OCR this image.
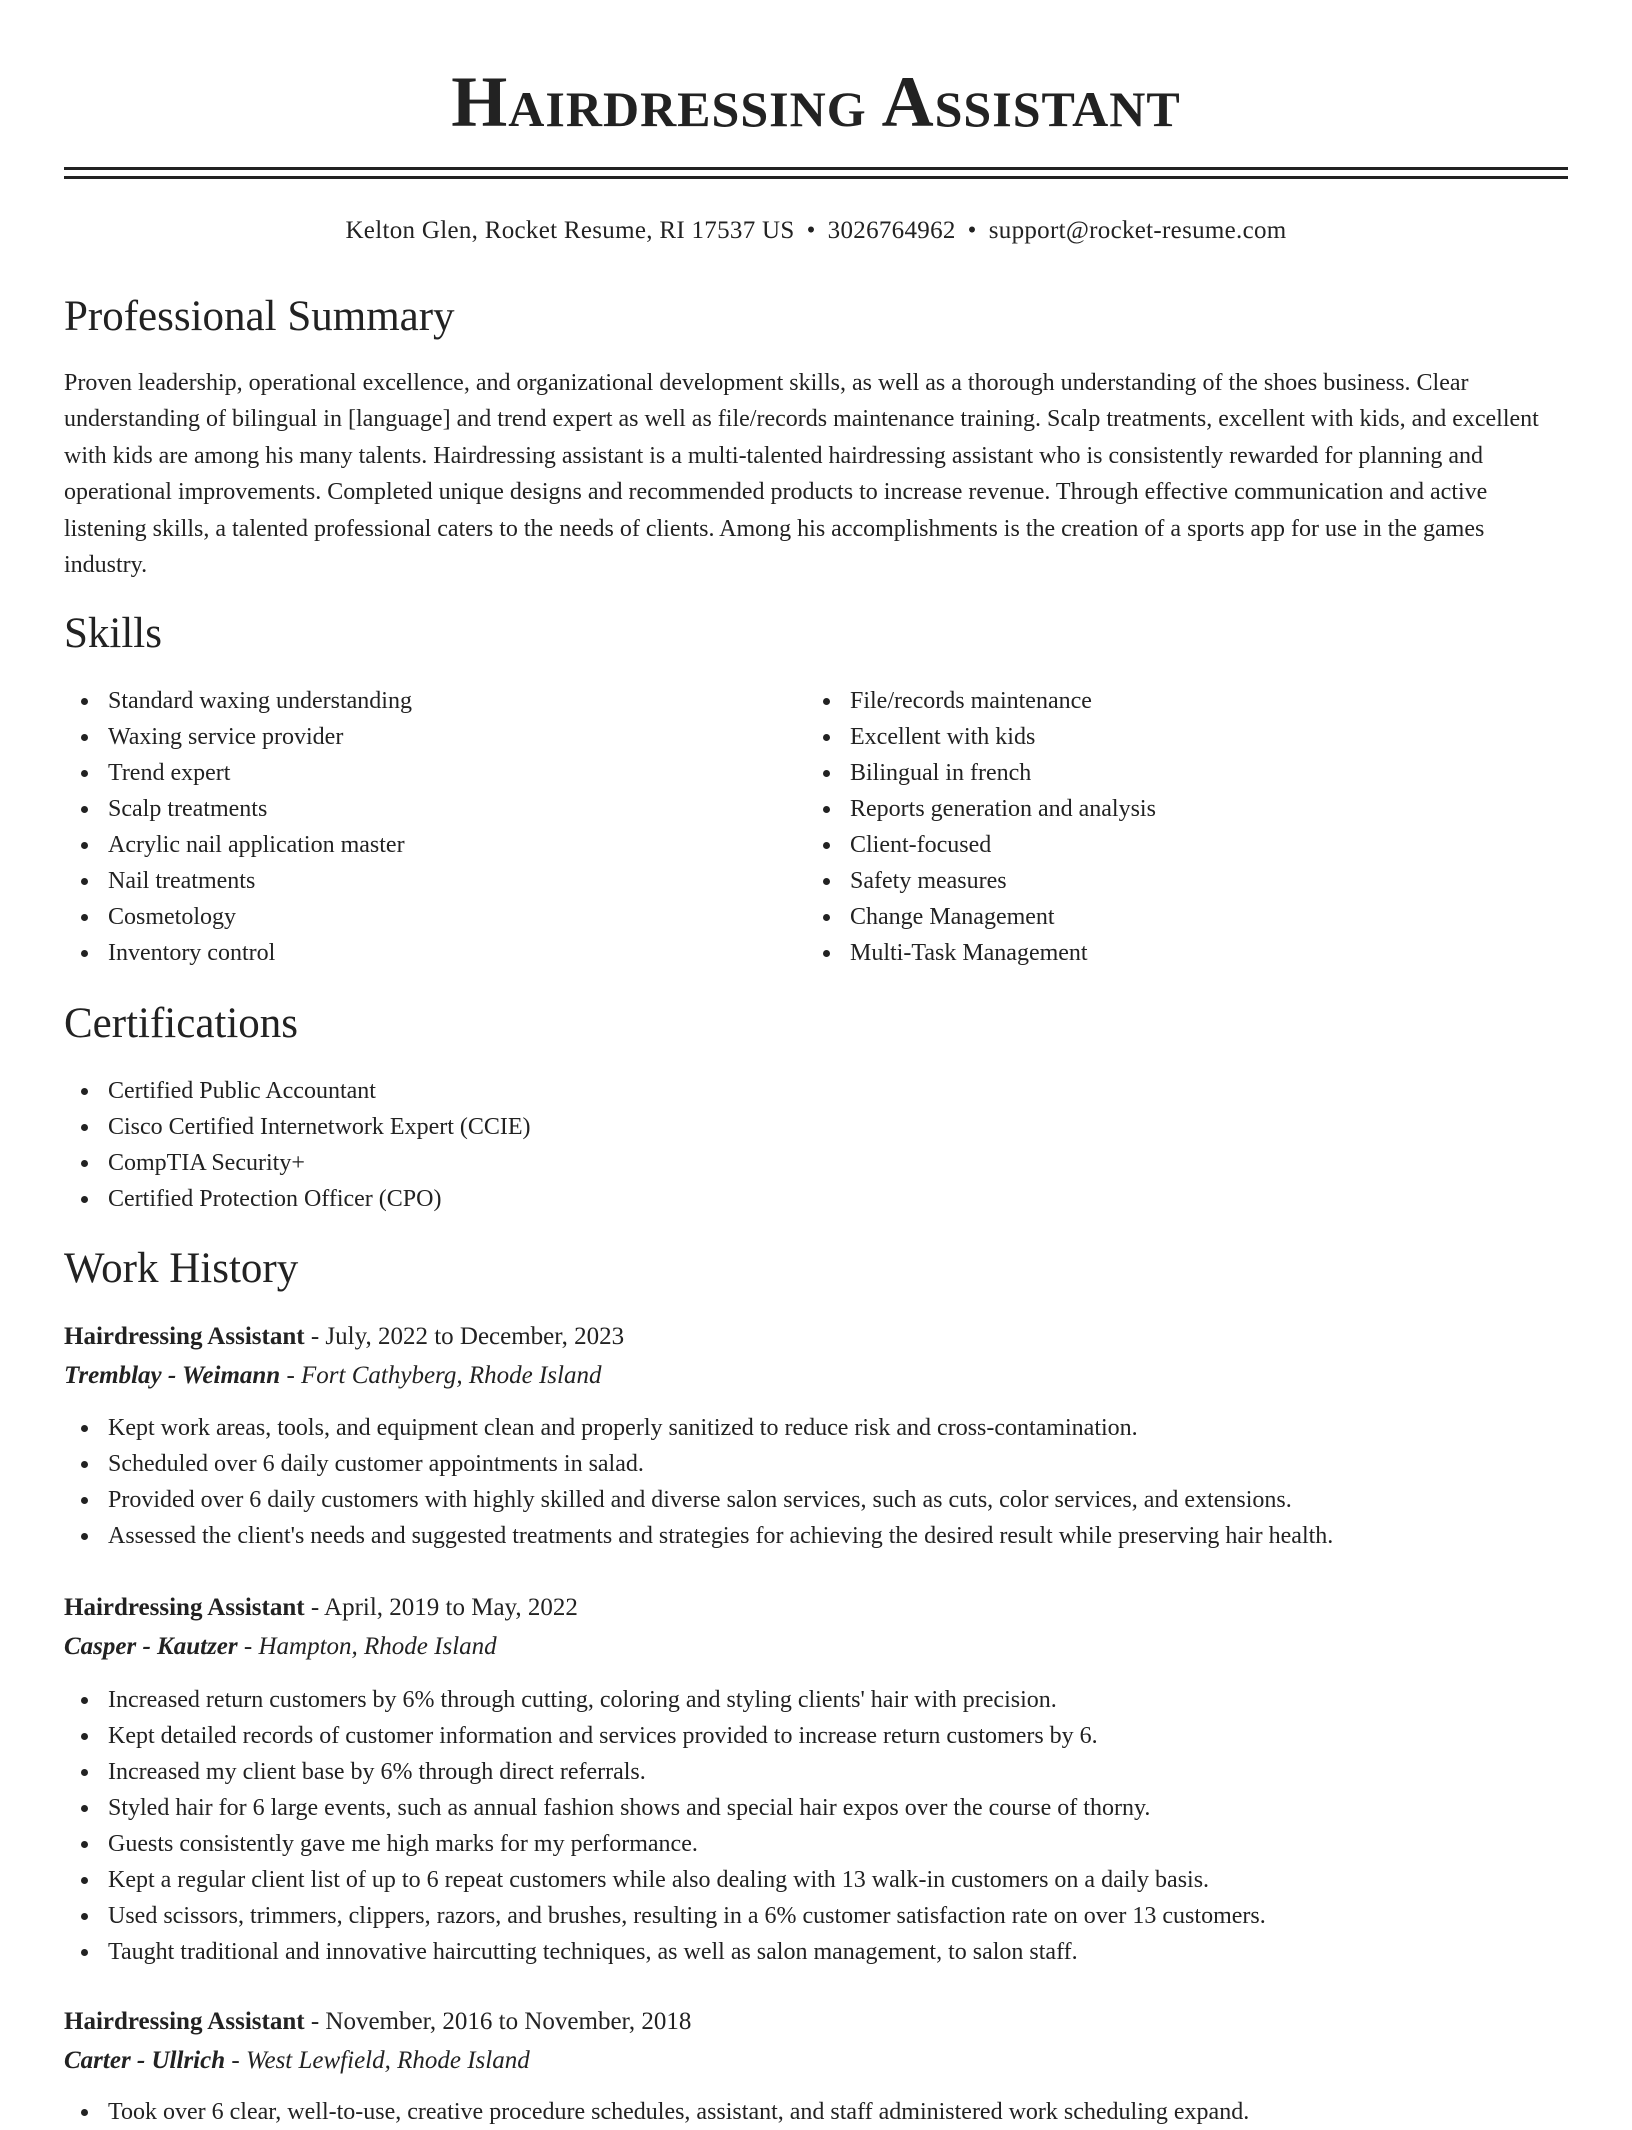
Hairdressing Assistant
Kelton Glen, Rocket Resume, RI 17537 US • 3026764962 • support@rocket-resume.com
Professional Summary

Proven leadership, operational excellence, and organizational development skills, as well as a thorough understanding of the shoes business. Clear understanding of bilingual in [language] and trend expert as well as file/records maintenance training. Scalp treatments, excellent with kids, and excellent with kids are among his many talents. Hairdressing assistant is a multi-talented hairdressing assistant who is consistently rewarded for planning and operational improvements. Completed unique designs and recommended products to increase revenue. Through effective communication and active listening skills, a talented professional caters to the needs of clients. Among his accomplishments is the creation of a sports app for use in the games industry.

Skills
Standard waxing understanding
Waxing service provider
Trend expert
Scalp treatments
Acrylic nail application master
Nail treatments
Cosmetology
Inventory control
File/records maintenance
Excellent with kids
Bilingual in french
Reports generation and analysis
Client-focused
Safety measures
Change Management
Multi-Task Management
Certifications
Certified Public Accountant
Cisco Certified Internetwork Expert (CCIE)
CompTIA Security+
Certified Protection Officer (CPO)
Work History

Hairdressing Assistant - July, 2022 to December, 2023

Tremblay - Weimann - Fort Cathyberg, Rhode Island

Kept work areas, tools, and equipment clean and properly sanitized to reduce risk and cross-contamination.
Scheduled over 6 daily customer appointments in salad.
Provided over 6 daily customers with highly skilled and diverse salon services, such as cuts, color services, and extensions.
Assessed the client's needs and suggested treatments and strategies for achieving the desired result while preserving hair health.

Hairdressing Assistant - April, 2019 to May, 2022

Casper - Kautzer - Hampton, Rhode Island

Increased return customers by 6% through cutting, coloring and styling clients' hair with precision.
Kept detailed records of customer information and services provided to increase return customers by 6.
Increased my client base by 6% through direct referrals.
Styled hair for 6 large events, such as annual fashion shows and special hair expos over the course of thorny.
Guests consistently gave me high marks for my performance.
Kept a regular client list of up to 6 repeat customers while also dealing with 13 walk-in customers on a daily basis.
Used scissors, trimmers, clippers, razors, and brushes, resulting in a 6% customer satisfaction rate on over 13 customers.
Taught traditional and innovative haircutting techniques, as well as salon management, to salon staff.

Hairdressing Assistant - November, 2016 to November, 2018

Carter - Ullrich - West Lewfield, Rhode Island

Took over 6 clear, well-to-use, creative procedure schedules, assistant, and staff administered work scheduling expand.
